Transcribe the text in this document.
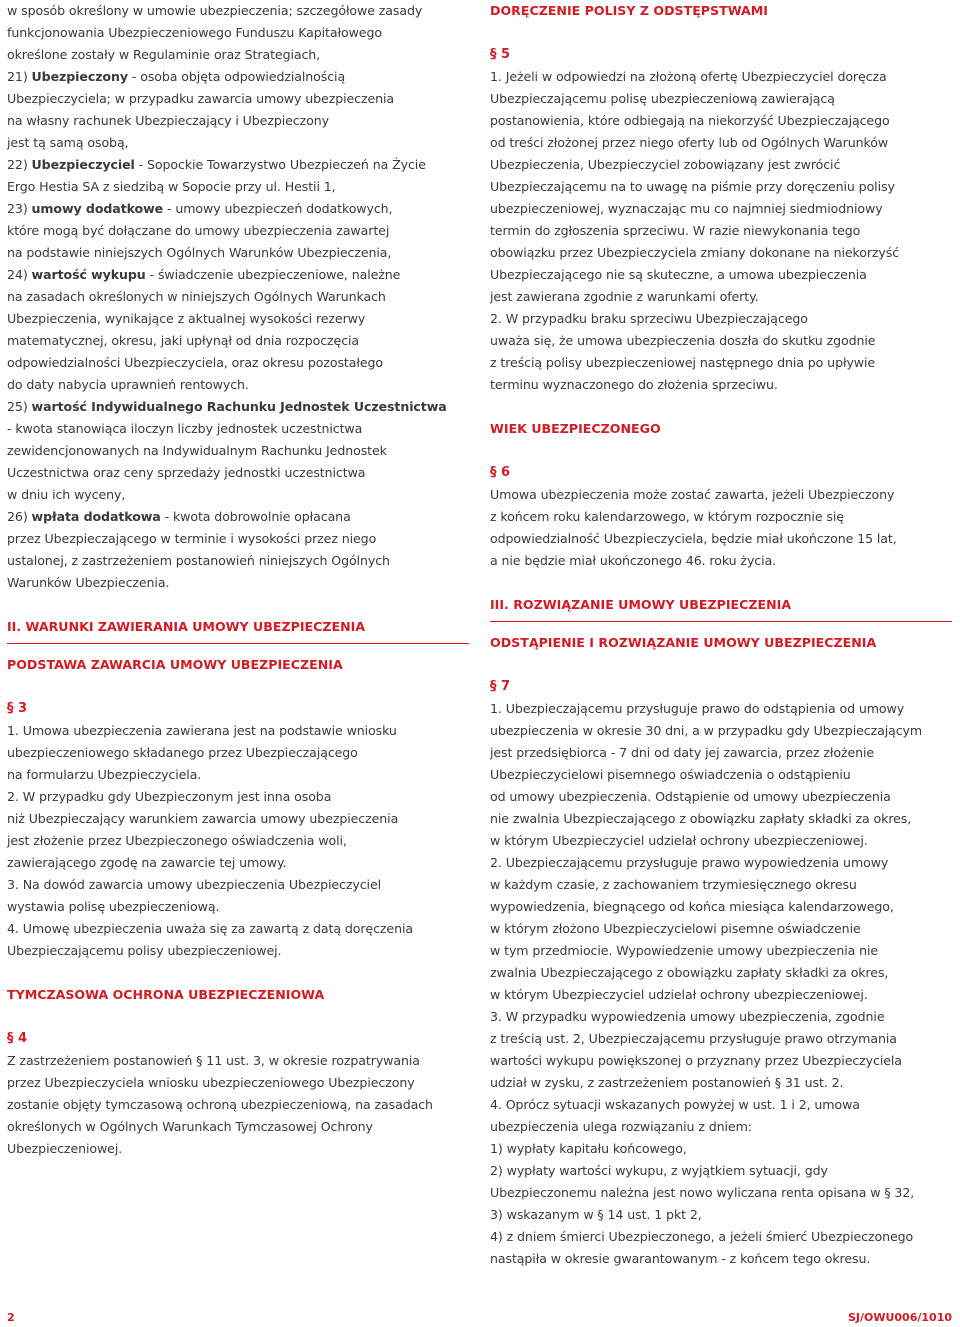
w sposób określony w umowie ubezpieczenia; szczegółowe zasady
funkcjonowania Ubezpieczeniowego Funduszu Kapitałowego
określone zostały w Regulaminie oraz Strategiach,
21) Ubezpieczony - osoba objęta odpowiedzialnością
Ubezpieczyciela; w przypadku zawarcia umowy ubezpieczenia
na własny rachunek Ubezpieczający i Ubezpieczony
jest tą samą osobą,
22) Ubezpieczyciel - Sopockie Towarzystwo Ubezpieczeń na Życie
Ergo Hestia SA z siedzibą w Sopocie przy ul. Hestii 1,
23) umowy dodatkowe - umowy ubezpieczeń dodatkowych,
które mogą być dołączane do umowy ubezpieczenia zawartej
na podstawie niniejszych Ogólnych Warunków Ubezpieczenia,
24) wartość wykupu - świadczenie ubezpieczeniowe, należne
na zasadach określonych w niniejszych Ogólnych Warunkach
Ubezpieczenia, wynikające z aktualnej wysokości rezerwy
matematycznej, okresu, jaki upłynął od dnia rozpoczęcia
odpowiedzialności Ubezpieczyciela, oraz okresu pozostałego
do daty nabycia uprawnień rentowych.
25) wartość Indywidualnego Rachunku Jednostek Uczestnictwa
- kwota stanowiąca iloczyn liczby jednostek uczestnictwa
zewidencjonowanych na Indywidualnym Rachunku Jednostek
Uczestnictwa oraz ceny sprzedaży jednostki uczestnictwa
w dniu ich wyceny,
26) wpłata dodatkowa - kwota dobrowolnie opłacana
przez Ubezpieczającego w terminie i wysokości przez niego
ustalonej, z zastrzeżeniem postanowień niniejszych Ogólnych
Warunków Ubezpieczenia.
II. WARUNKI ZAWIERANIA UMOWY UBEZPIECZENIA
PODSTAWA ZAWARCIA UMOWY UBEZPIECZENIA
§ 3
1. Umowa ubezpieczenia zawierana jest na podstawie wniosku
ubezpieczeniowego składanego przez Ubezpieczającego
na formularzu Ubezpieczyciela.
2. W przypadku gdy Ubezpieczonym jest inna osoba
niż Ubezpieczający warunkiem zawarcia umowy ubezpieczenia
jest złożenie przez Ubezpieczonego oświadczenia woli,
zawierającego zgodę na zawarcie tej umowy.
3. Na dowód zawarcia umowy ubezpieczenia Ubezpieczyciel
wystawia polisę ubezpieczeniową.
4. Umowę ubezpieczenia uważa się za zawartą z datą doręczenia
Ubezpieczającemu polisy ubezpieczeniowej.
TYMCZASOWA OCHRONA UBEZPIECZENIOWA
§ 4
Z zastrzeżeniem postanowień § 11 ust. 3, w okresie rozpatrywania
przez Ubezpieczyciela wniosku ubezpieczeniowego Ubezpieczony
zostanie objęty tymczasową ochroną ubezpieczeniową, na zasadach
określonych w Ogólnych Warunkach Tymczasowej Ochrony
Ubezpieczeniowej.
DORĘCZENIE POLISY Z ODSTĘPSTWAMI
§ 5
1. Jeżeli w odpowiedzi na złożoną ofertę Ubezpieczyciel doręcza
Ubezpieczającemu polisę ubezpieczeniową zawierającą
postanowienia, które odbiegają na niekorzyść Ubezpieczającego
od treści złożonej przez niego oferty lub od Ogólnych Warunków
Ubezpieczenia, Ubezpieczyciel zobowiązany jest zwrócić
Ubezpieczającemu na to uwagę na piśmie przy doręczeniu polisy
ubezpieczeniowej, wyznaczając mu co najmniej siedmiodniowy
termin do zgłoszenia sprzeciwu. W razie niewykonania tego
obowiązku przez Ubezpieczyciela zmiany dokonane na niekorzyść
Ubezpieczającego nie są skuteczne, a umowa ubezpieczenia
jest zawierana zgodnie z warunkami oferty.
2. W przypadku braku sprzeciwu Ubezpieczającego
uważa się, że umowa ubezpieczenia doszła do skutku zgodnie
z treścią polisy ubezpieczeniowej następnego dnia po upływie
terminu wyznaczonego do złożenia sprzeciwu.
WIEK UBEZPIECZONEGO
§ 6
Umowa ubezpieczenia może zostać zawarta, jeżeli Ubezpieczony
z końcem roku kalendarzowego, w którym rozpocznie się
odpowiedzialność Ubezpieczyciela, będzie miał ukończone 15 lat,
a nie będzie miał ukończonego 46. roku życia.
III. ROZWIĄZANIE UMOWY UBEZPIECZENIA
ODSTĄPIENIE I ROZWIĄZANIE UMOWY UBEZPIECZENIA
§ 7
1. Ubezpieczającemu przysługuje prawo do odstąpienia od umowy
ubezpieczenia w okresie 30 dni, a w przypadku gdy Ubezpieczającym
jest przedsiębiorca - 7 dni od daty jej zawarcia, przez złożenie
Ubezpieczycielowi pisemnego oświadczenia o odstąpieniu
od umowy ubezpieczenia. Odstąpienie od umowy ubezpieczenia
nie zwalnia Ubezpieczającego z obowiązku zapłaty składki za okres,
w którym Ubezpieczyciel udzielał ochrony ubezpieczeniowej.
2. Ubezpieczającemu przysługuje prawo wypowiedzenia umowy
w każdym czasie, z zachowaniem trzymiesięcznego okresu
wypowiedzenia, biegnącego od końca miesiąca kalendarzowego,
w którym złożono Ubezpieczycielowi pisemne oświadczenie
w tym przedmiocie. Wypowiedzenie umowy ubezpieczenia nie
zwalnia Ubezpieczającego z obowiązku zapłaty składki za okres,
w którym Ubezpieczyciel udzielał ochrony ubezpieczeniowej.
3. W przypadku wypowiedzenia umowy ubezpieczenia, zgodnie
z treścią ust. 2, Ubezpieczającemu przysługuje prawo otrzymania
wartości wykupu powiększonej o przyznany przez Ubezpieczyciela
udział w zysku, z zastrzeżeniem postanowień § 31 ust. 2.
4. Oprócz sytuacji wskazanych powyżej w ust. 1 i 2, umowa
ubezpieczenia ulega rozwiązaniu z dniem:
1) wypłaty kapitału końcowego,
2) wypłaty wartości wykupu, z wyjątkiem sytuacji, gdy
Ubezpieczonemu należna jest nowo wyliczana renta opisana w § 32,
3) wskazanym w § 14 ust. 1 pkt 2,
4) z dniem śmierci Ubezpieczonego, a jeżeli śmierć Ubezpieczonego
nastąpiła w okresie gwarantowanym - z końcem tego okresu.
2	SJ/OWU006/1010
